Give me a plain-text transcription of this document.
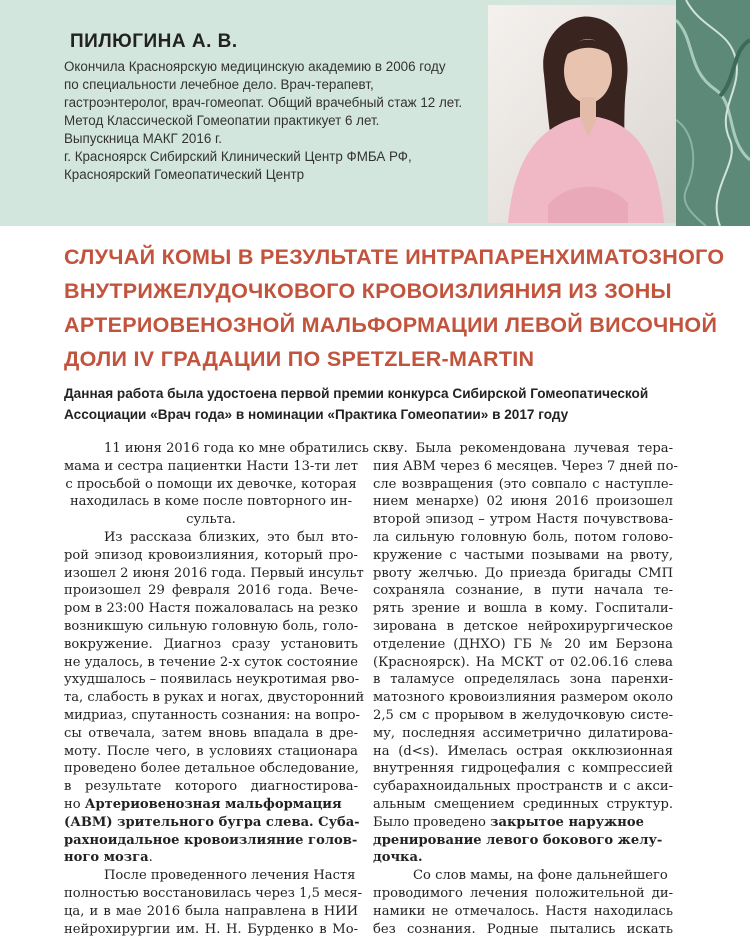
ПИЛЮГИНА А. В.
Окончила Красноярскую медицинскую академию в 2006 году
по специальности лечебное дело. Врач-терапевт,
гастроэнтеролог, врач-гомеопат. Общий врачебный стаж 12 лет.
Метод Классической Гомеопатии практикует 6 лет.
Выпускница МАКГ 2016 г.
г. Красноярск Сибирский Клинический Центр ФМБА РФ,
Красноярский Гомеопатический Центр
СЛУЧАЙ КОМЫ В РЕЗУЛЬТАТЕ ИНТРАПАРЕНХИМАТОЗНОГО
ВНУТРИЖЕЛУДОЧКОВОГО КРОВОИЗЛИЯНИЯ ИЗ ЗОНЫ
АРТЕРИОВЕНОЗНОЙ МАЛЬФОРМАЦИИ ЛЕВОЙ ВИСОЧНОЙ
ДОЛИ IV ГРАДАЦИИ ПО SPETZLER-MARTIN
Данная работа была удостоена первой премии конкурса Сибирской Гомеопатической
Ассоциации «Врач года» в номинации «Практика Гомеопатии» в 2017 году
11 июня 2016 года ко мне обратились
мама и сестра пациентки Насти 13-ти лет
с просьбой о помощи их девочке, которая
находилась в коме после повторного ин-
сульта.
Из рассказа близких, это был вто-
рой эпизод кровоизлияния, который про-
изошел 2 июня 2016 года. Первый инсульт
произошел 29 февраля 2016 года. Вече-
ром в 23:00 Настя пожаловалась на резко
возникшую сильную головную боль, голо-
вокружение. Диагноз сразу установить
не удалось, в течение 2-х суток состояние
ухудшалось – появилась неукротимая рво-
та, слабость в руках и ногах, двусторонний
мидриаз, спутанность сознания: на вопро-
сы отвечала, затем вновь впадала в дре-
моту. После чего, в условиях стационара
проведено более детальное обследование,
в результате которого диагностирова-
но Артериовенозная мальформация
(АВМ) зрительного бугра слева. Суба-
рахноидальное кровоизлияние голов-
ного мозга.
После проведенного лечения Настя
полностью восстановилась через 1,5 меся-
ца, и в мае 2016 была направлена в НИИ
нейрохирургии им. Н. Н. Бурденко в Мо-
скву. Была рекомендована лучевая тера-
пия АВМ через 6 месяцев. Через 7 дней по-
сле возвращения (это совпало с наступле-
нием менархе) 02 июня 2016 произошел
второй эпизод – утром Настя почувствова-
ла сильную головную боль, потом голово-
кружение с частыми позывами на рвоту,
рвоту желчью. До приезда бригады СМП
сохраняла сознание, в пути начала те-
рять зрение и вошла в кому. Госпитали-
зирована в детское нейрохирургическое
отделение (ДНХО) ГБ № 20 им Берзона
(Красноярск). На МСКТ от 02.06.16 слева
в таламусе определялась зона паренхи-
матозного кровоизлияния размером около
2,5 см с прорывом в желудочковую систе-
му, последняя ассиметрично дилатирова-
на (d<s). Имелась острая окклюзионная
внутренняя гидроцефалия с компрессией
субарахноидальных пространств и с акси-
альным смещением срединных структур.
Было проведено закрытое наружное
дренирование левого бокового желу-
дочка.
Со слов мамы, на фоне дальнейшего
проводимого лечения положительной ди-
намики не отмечалось. Настя находилась
без сознания. Родные пытались искать
